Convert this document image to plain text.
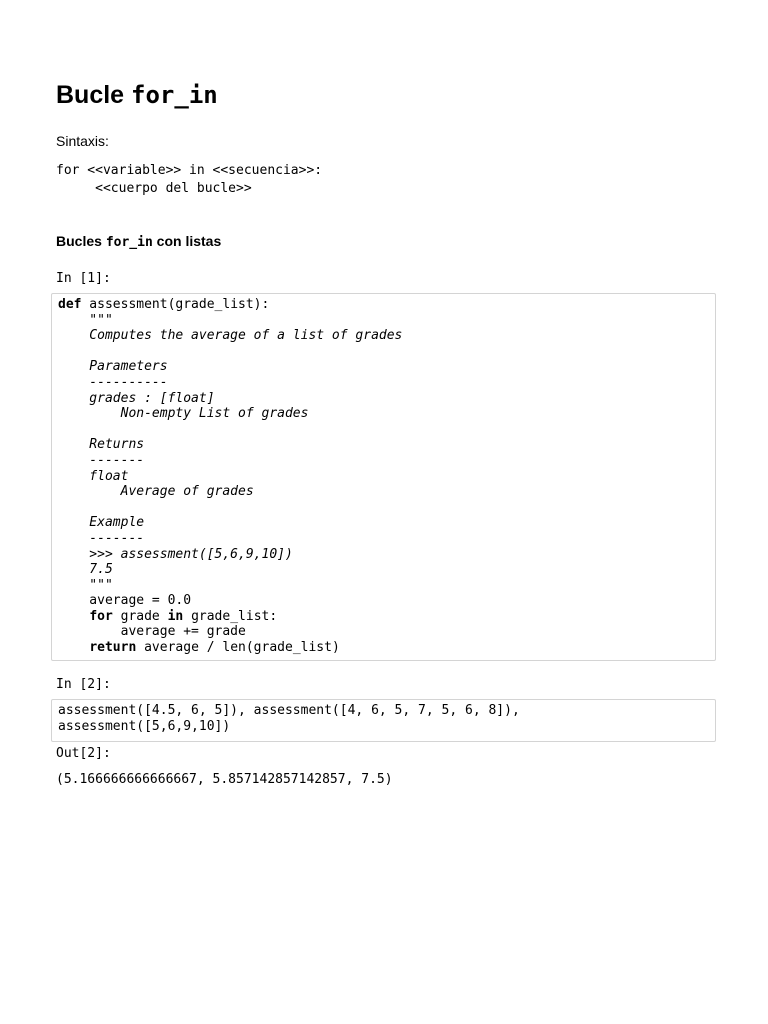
Bucle for_in

Sintaxis:

for <<variable>> in <<secuencia>>:
<<cuerpo del bucle>>
Bucles for_in con listas
In [1]:
def assessment(grade_list):
"""
Computes the average of a list of grades
Parameters
----------
grades : [float]
Non-empty List of grades
Returns
-------
float
Average of grades
Example
-------
>>> assessment([5,6,9,10])
7.5
"""
average = 0.0
for grade in grade_list:
average += grade
return average / len(grade_list)
In [2]:
assessment([4.5, 6, 5]), assessment([4, 6, 5, 7, 5, 6, 8]),
assessment([5,6,9,10])
Out[2]:
(5.166666666666667, 5.857142857142857, 7.5)
